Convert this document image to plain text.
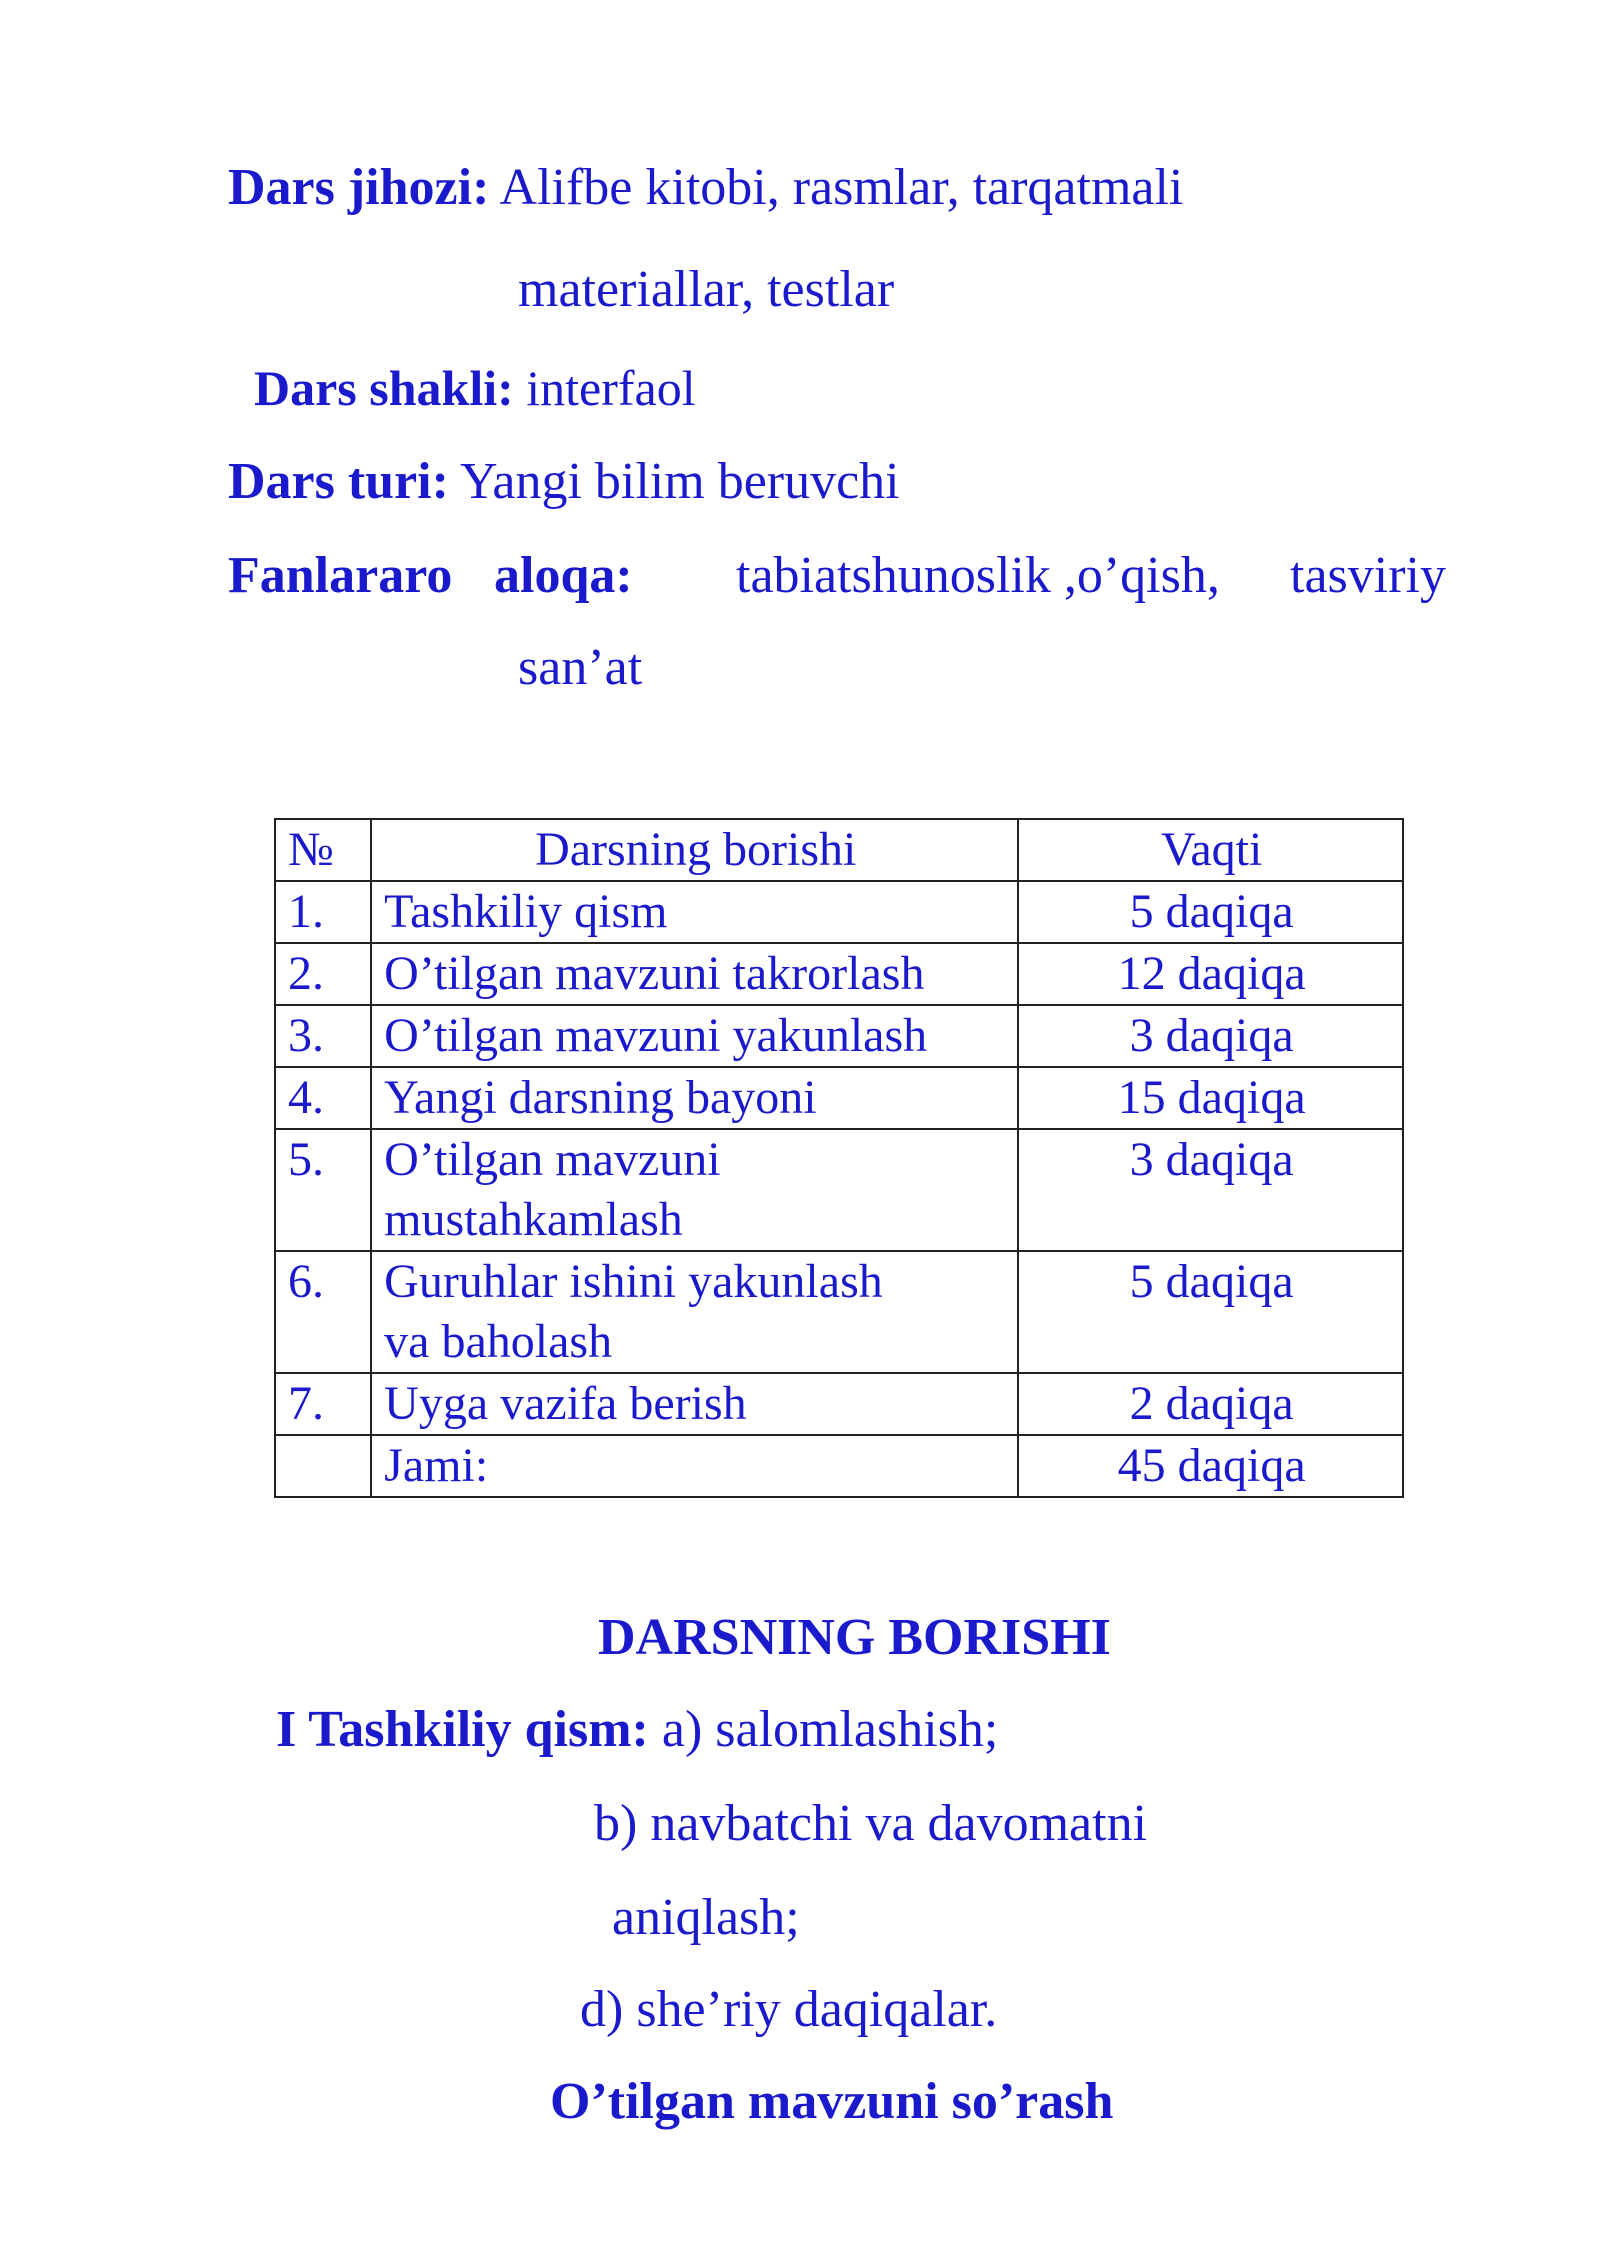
Dars jihozi: Alifbe kitobi, rasmlar, tarqatmali
materiallar, testlar
Dars shakli: interfaol
Dars turi: Yangi bilim beruvchi
Fanlararo aloqa: tabiatshunoslik ,o’qish, tasviriy
san’at
№	Darsning borishi	Vaqti
1.	Tashkiliy qism	5 daqiqa
2.	O’tilgan mavzuni takrorlash	12 daqiqa
3.	O’tilgan mavzuni yakunlash	3 daqiqa
4.	Yangi darsning bayoni	15 daqiqa
5.	O’tilgan mavzuni
mustahkamlash	3 daqiqa
6.	Guruhlar ishini yakunlash
va baholash	5 daqiqa
7.	Uyga vazifa berish	2 daqiqa
	Jami:	45 daqiqa
DARSNING BORISHI
I Tashkiliy qism: a) salomlashish;
b) navbatchi va davomatni
aniqlash;
d) she’riy daqiqalar.
O’tilgan mavzuni so’rash
